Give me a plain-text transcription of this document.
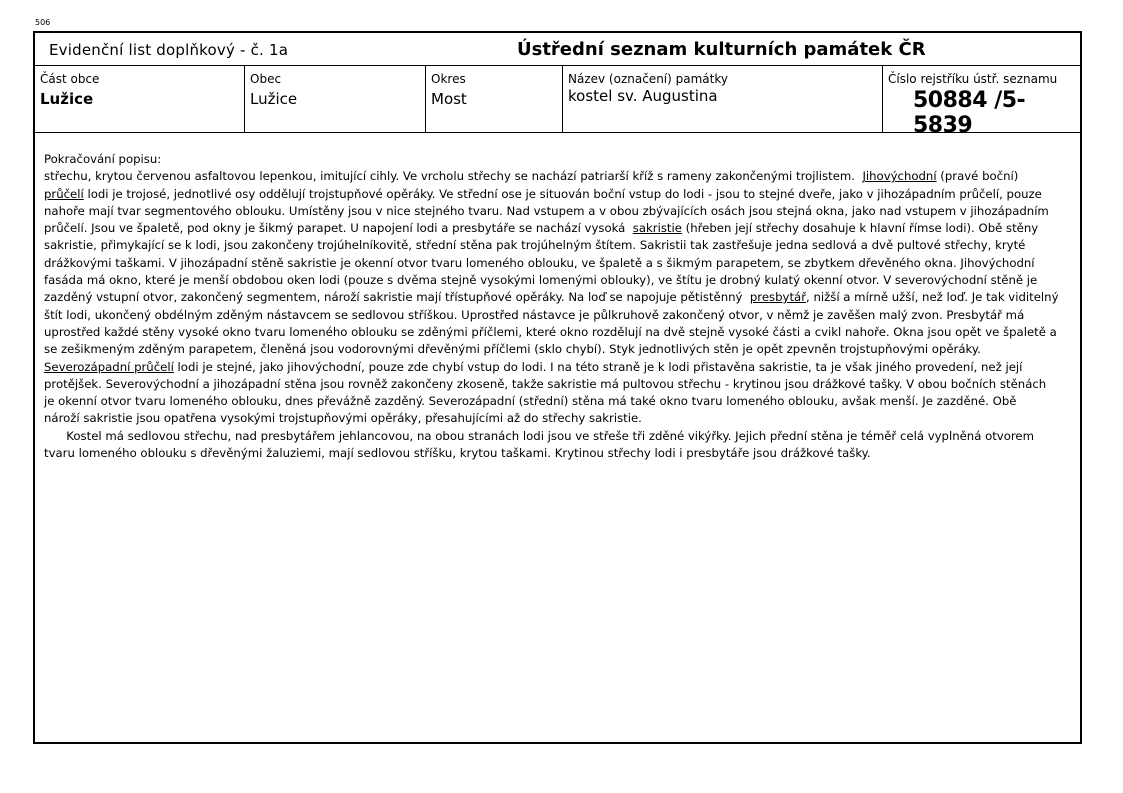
506
Evidenční list doplňkový - č. 1a	Ústřední seznam kulturních památek ČR
Část obce
Lužice
Obec
Lužice
Okres
Most
Název (označení) památky
kostel sv. Augustina
Číslo rejstříku ústř. seznamu
50884 /5-5839
Pokračování popisu:
střechu, krytou červenou asfaltovou lepenkou, imitující cihly. Ve vrcholu střechy se nachází patriarší kříž s rameny zakončenými trojlistem.  Jihovýchodní (pravé boční)
průčelí lodi je trojosé, jednotlivé osy oddělují trojstupňové opěráky. Ve střední ose je situován boční vstup do lodi - jsou to stejné dveře, jako v jihozápadním průčelí, pouze
nahoře mají tvar segmentového oblouku. Umístěny jsou v nice stejného tvaru. Nad vstupem a v obou zbývajících osách jsou stejná okna, jako nad vstupem v jihozápadním
průčelí. Jsou ve špaletě, pod okny je šikmý parapet. U napojení lodi a presbytáře se nachází vysoká  sakristie (hřeben její střechy dosahuje k hlavní římse lodi). Obě stěny
sakristie, přimykající se k lodi, jsou zakončeny trojúhelníkovitě, střední stěna pak trojúhelným štítem. Sakristii tak zastřešuje jedna sedlová a dvě pultové střechy, kryté
drážkovými taškami. V jihozápadní stěně sakristie je okenní otvor tvaru lomeného oblouku, ve špaletě a s šikmým parapetem, se zbytkem dřevěného okna. Jihovýchodní
fasáda má okno, které je menší obdobou oken lodi (pouze s dvěma stejně vysokými lomenými oblouky), ve štítu je drobný kulatý okenní otvor. V severovýchodní stěně je
zazděný vstupní otvor, zakončený segmentem, nároží sakristie mají třístupňové opěráky. Na loď se napojuje pětistěnný  presbytář, nižší a mírně užší, než loď. Je tak viditelný
štít lodi, ukončený obdélným zděným nástavcem se sedlovou stříškou. Uprostřed nástavce je půlkruhově zakončený otvor, v němž je zavěšen malý zvon. Presbytář má
uprostřed každé stěny vysoké okno tvaru lomeného oblouku se zděnými příčlemi, které okno rozdělují na dvě stejně vysoké části a cvikl nahoře. Okna jsou opět ve špaletě a
se zešikmeným zděným parapetem, členěná jsou vodorovnými dřevěnými příčlemi (sklo chybí). Styk jednotlivých stěn je opět zpevněn trojstupňovými opěráky.
Severozápadní průčelí lodi je stejné, jako jihovýchodní, pouze zde chybí vstup do lodi. I na této straně je k lodi přistavěna sakristie, ta je však jiného provedení, než její
protějšek. Severovýchodní a jihozápadní stěna jsou rovněž zakončeny zkoseně, takže sakristie má pultovou střechu - krytinou jsou drážkové tašky. V obou bočních stěnách
je okenní otvor tvaru lomeného oblouku, dnes převážně zazděný. Severozápadní (střední) stěna má také okno tvaru lomeného oblouku, avšak menší. Je zazděné. Obě
nároží sakristie jsou opatřena vysokými trojstupňovými opěráky, přesahujícími až do střechy sakristie.
Kostel má sedlovou střechu, nad presbytářem jehlancovou, na obou stranách lodi jsou ve střeše tři zděné vikýřky. Jejich přední stěna je téměř celá vyplněná otvorem
tvaru lomeného oblouku s dřevěnými žaluziemi, mají sedlovou stříšku, krytou taškami. Krytinou střechy lodi i presbytáře jsou drážkové tašky.
